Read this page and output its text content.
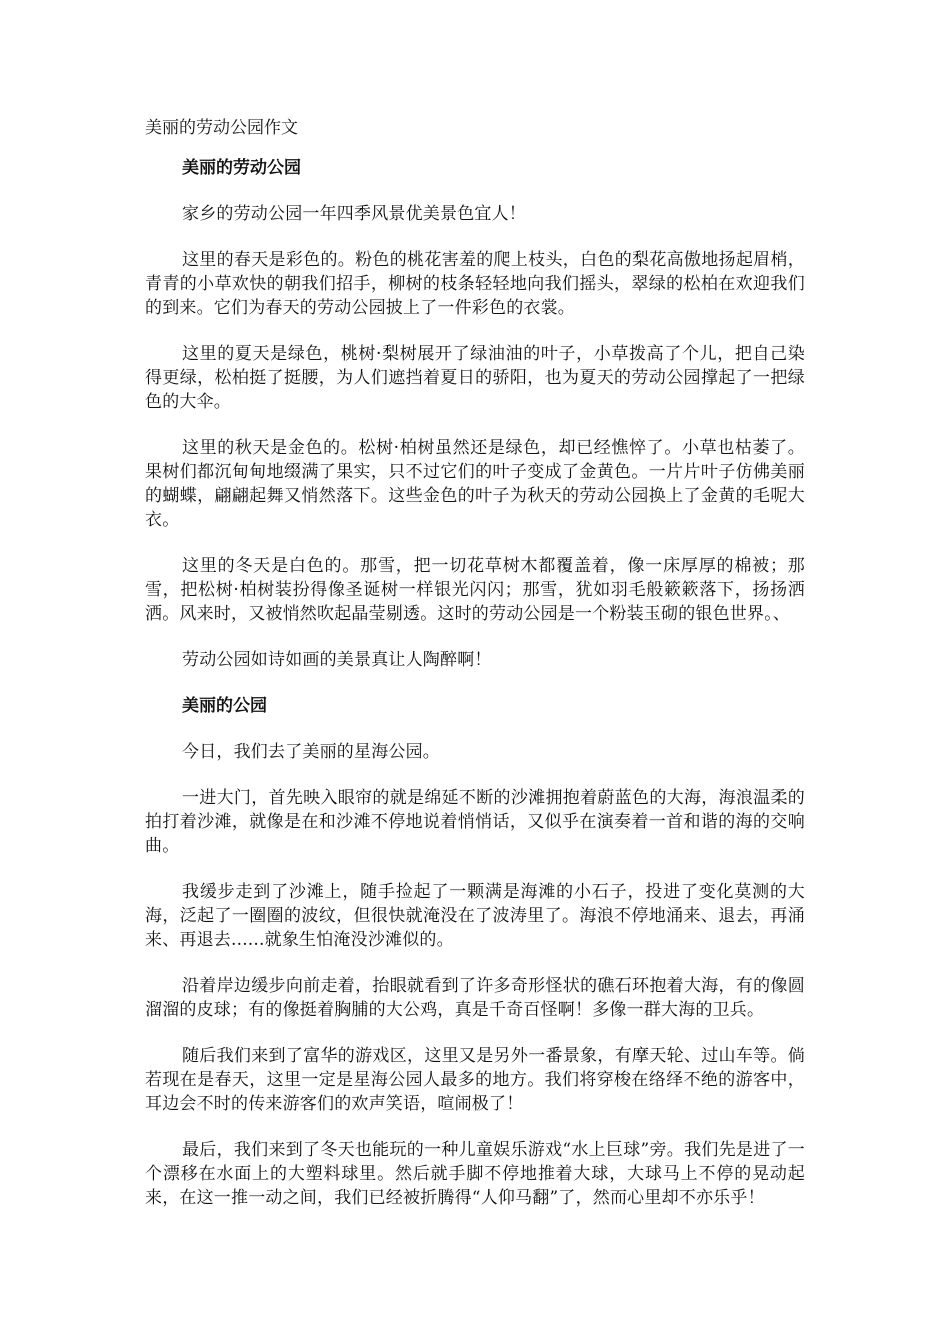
美丽的劳动公园作文
美丽的劳动公园

家乡的劳动公园一年四季风景优美景色宜人！

这里的春天是彩色的。粉色的桃花害羞的爬上枝头，白色的梨花高傲地扬起眉梢，青青的小草欢快的朝我们招手，柳树的枝条轻轻地向我们摇头，翠绿的松柏在欢迎我们的到来。它们为春天的劳动公园披上了一件彩色的衣裳。

这里的夏天是绿色，桃树·梨树展开了绿油油的叶子，小草拨高了个儿，把自己染得更绿，松柏挺了挺腰，为人们遮挡着夏日的骄阳，也为夏天的劳动公园撑起了一把绿色的大伞。

这里的秋天是金色的。松树·柏树虽然还是绿色，却已经憔悴了。小草也枯萎了。果树们都沉甸甸地缀满了果实，只不过它们的叶子变成了金黄色。一片片叶子仿佛美丽的蝴蝶，翩翩起舞又悄然落下。这些金色的叶子为秋天的劳动公园换上了金黄的毛呢大衣。

这里的冬天是白色的。那雪，把一切花草树木都覆盖着，像一床厚厚的棉被；那雪，把松树·柏树装扮得像圣诞树一样银光闪闪；那雪，犹如羽毛般簌簌落下，扬扬洒洒。风来时，又被悄然吹起晶莹剔透。这时的劳动公园是一个粉装玉砌的银色世界。、

劳动公园如诗如画的美景真让人陶醉啊！

美丽的公园

今日，我们去了美丽的星海公园。

一进大门，首先映入眼帘的就是绵延不断的沙滩拥抱着蔚蓝色的大海，海浪温柔的拍打着沙滩，就像是在和沙滩不停地说着悄悄话，又似乎在演奏着一首和谐的海的交响曲。

我缓步走到了沙滩上，随手捡起了一颗满是海滩的小石子，投进了变化莫测的大海，泛起了一圈圈的波纹，但很快就淹没在了波涛里了。海浪不停地涌来、退去，再涌来、再退去......就象生怕淹没沙滩似的。

沿着岸边缓步向前走着，抬眼就看到了许多奇形怪状的礁石环抱着大海，有的像圆溜溜的皮球；有的像挺着胸脯的大公鸡，真是千奇百怪啊！多像一群大海的卫兵。

随后我们来到了富华的游戏区，这里又是另外一番景象，有摩天轮、过山车等。倘若现在是春天，这里一定是星海公园人最多的地方。我们将穿梭在络绎不绝的游客中，耳边会不时的传来游客们的欢声笑语，喧闹极了！

最后，我们来到了冬天也能玩的一种儿童娱乐游戏“水上巨球”旁。我们先是进了一个漂移在水面上的大塑料球里。然后就手脚不停地推着大球，大球马上不停的晃动起来，在这一推一动之间，我们已经被折腾得“人仰马翻”了，然而心里却不亦乐乎！
